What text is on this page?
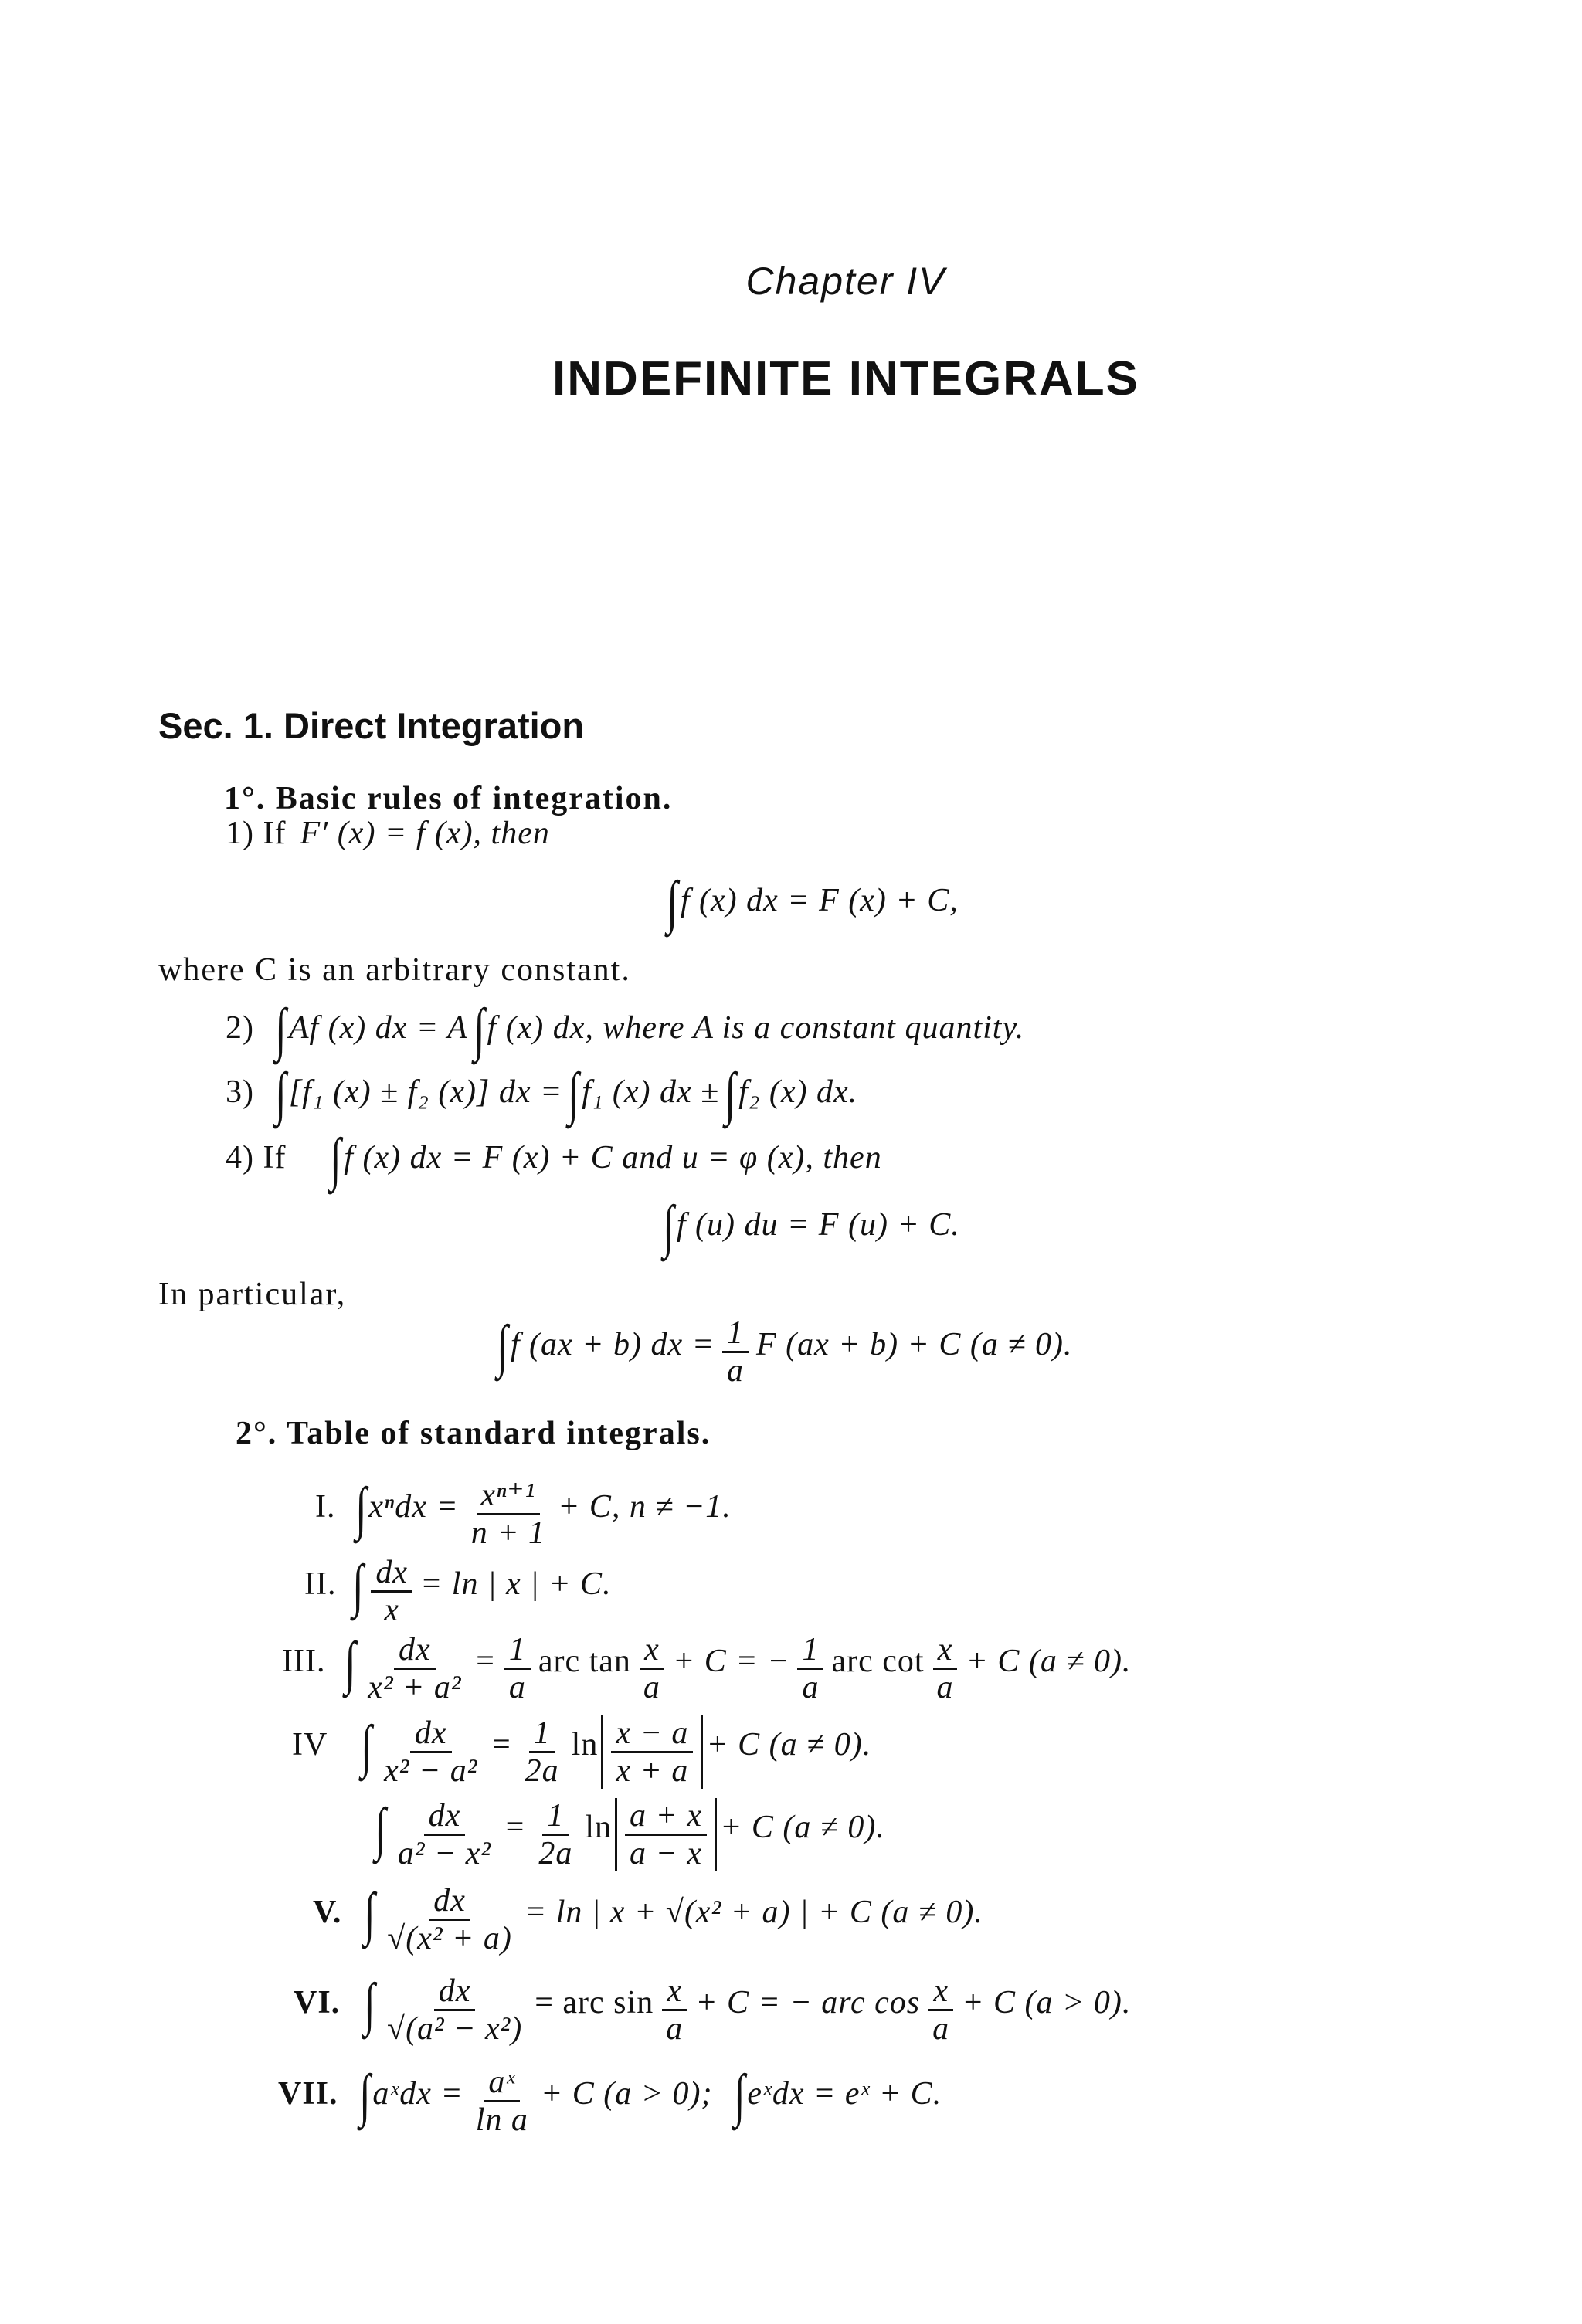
Chapter IV
INDEFINITE INTEGRALS
Sec. 1. Direct Integration
1°. Basic rules of integration.
1) If F′ (x) = f (x), then
∫ f (x) dx = F (x) + C,
where C is an arbitrary constant.
2) ∫ Af (x) dx = A ∫ f (x) dx, where A is a constant quantity.
3) ∫ [f₁ (x) ± f₂ (x)] dx = ∫ f₁ (x) dx ± ∫ f₂ (x) dx.
4) If ∫ f (x) dx = F (x) + C and u = φ (x), then
∫ f (u) du = F (u) + C.
In particular,
∫ f (ax + b) dx = $\frac{1}{a}$ F (ax + b) + C (a ≠ 0).
2°. Table of standard integrals.
I. ∫ $x^ndx = \frac{\text{xⁿ⁺¹}}{n + 1} + C$, n ≠ −1.
II. ∫ $\frac{dx}{x} = \ln$ | x | + C.
III. ∫ $\frac{dx}{\text{x² + a²}} = \frac{1}{a}$ arc $\tan \frac{x}{a} + C$ = − $\frac{1}{a}$ arc $\cot \frac{x}{a} + C$ (a ≠ 0).
IV ∫ $\frac{dx}{\text{x² − a²}} = \frac{1}{2a}$ $\ln \frac{x - a}{x + a} + C$ (a ≠ 0).
∫ $\frac{dx}{\text{a² − x²}} = \frac{1}{2a}$ $\ln \frac{a + x}{a - x} + C$ (a ≠ 0).
V. ∫ $\frac{dx}{\text{√(x² + a)}} = \ln$ | x + √(x² + a) | + C (a ≠ 0).
VI. ∫ $\frac{dx}{\text{√(a² − x²)}}$ = arc $\sin \frac{x}{a} + C$ = − arc $\cos \frac{x}{a} + C$ (a > 0).
VII. ∫ aˣdx = $\frac{\text{aˣ}}{\text{ln a}} + C$ (a > 0); ∫ eˣdx = eˣ + C.
